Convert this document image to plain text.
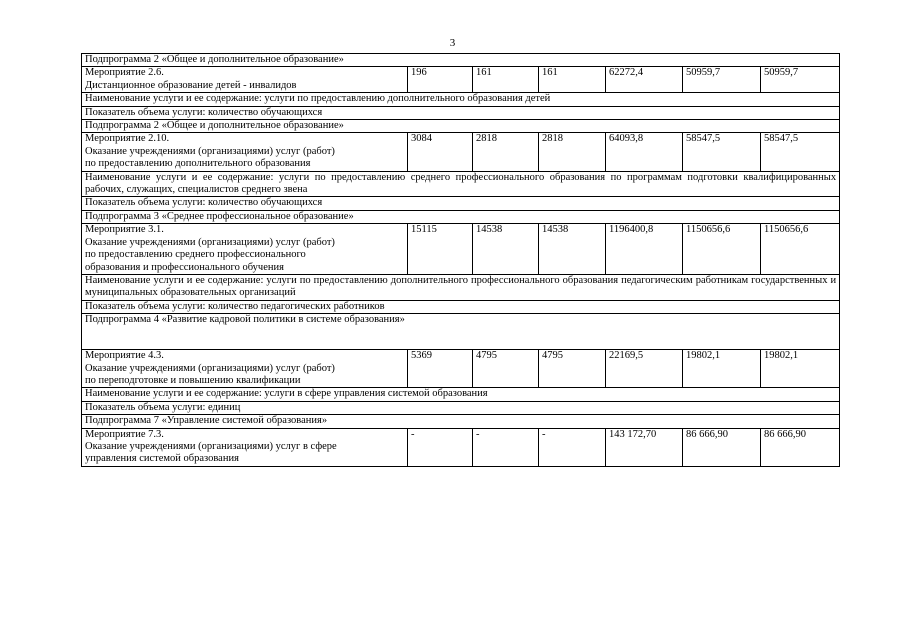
3
Подпрограмма 2 «Общее и дополнительное образование»						

Мероприятие 2.6.
Дистанционное образование детей - инвалидов	196	161	161	62272,4	50959,7	50959,7
Наименование услуги и ее содержание: услуги по предоставлению дополнительного образования детей						
Показатель объема услуги: количество обучающихся						
Подпрограмма 2 «Общее и дополнительное образование»						

Мероприятие 2.10.
Оказание учреждениями (организациями) услуг (работ)
по предоставлению дополнительного образования	3084	2818	2818	64093,8	58547,5	58547,5
Наименование услуги и ее содержание: услуги по предоставлению среднего профессионального образования по программам подготовки квалифицированных рабочих, служащих, специалистов среднего звена						
Показатель объема услуги: количество обучающихся						
Подпрограмма 3 «Среднее профессиональное образование»						

Мероприятие 3.1.
Оказание учреждениями (организациями) услуг (работ)
по предоставлению среднего профессионального
образования и профессионального обучения	15115	14538	14538	1196400,8	1150656,6	1150656,6
Наименование услуги и ее содержание: услуги по предоставлению дополнительного профессионального образования педагогическим работникам государственных и муниципальных образовательных организаций						
Показатель объема услуги: количество педагогических работников						
Подпрограмма 4 «Развитие кадровой политики в системе образования»						

Мероприятие 4.3.
Оказание учреждениями (организациями) услуг (работ)
по переподготовке и повышению квалификации	5369	4795	4795	22169,5	19802,1	19802,1
Наименование услуги и ее содержание: услуги в сфере управления системой образования						
Показатель объема услуги: единиц						
Подпрограмма 7 «Управление системой образования»						

Мероприятие 7.3.
Оказание учреждениями (организациями) услуг в сфере
управления системой образования	-	-	-	143 172,70	86 666,90	86 666,90
